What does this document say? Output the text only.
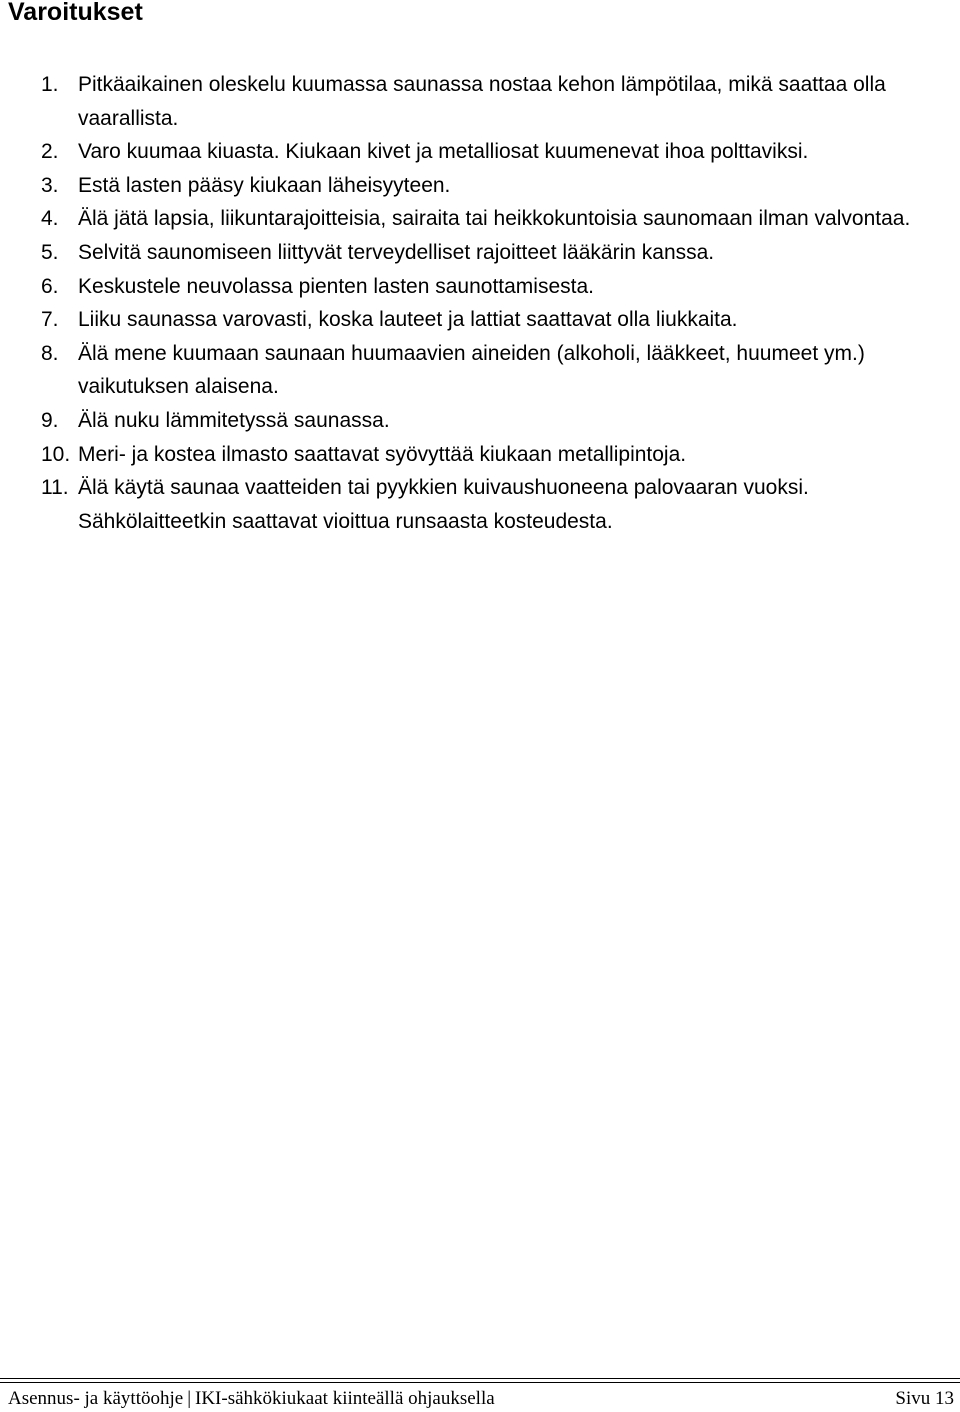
Varoitukset
1. Pitkäaikainen oleskelu kuumassa saunassa nostaa kehon lämpötilaa, mikä saattaa olla vaarallista.
2. Varo kuumaa kiuasta. Kiukaan kivet ja metalliosat kuumenevat ihoa polttaviksi.
3. Estä lasten pääsy kiukaan läheisyyteen.
4. Älä jätä lapsia, liikuntarajoitteisia, sairaita tai heikkokuntoisia saunomaan ilman valvontaa.
5. Selvitä saunomiseen liittyvät terveydelliset rajoitteet lääkärin kanssa.
6. Keskustele neuvolassa pienten lasten saunottamisesta.
7. Liiku saunassa varovasti, koska lauteet ja lattiat saattavat olla liukkaita.
8. Älä mene kuumaan saunaan huumaavien aineiden (alkoholi, lääkkeet, huumeet ym.) vaikutuksen alaisena.
9. Älä nuku lämmitetyssä saunassa.
10. Meri- ja kostea ilmasto saattavat syövyttää kiukaan metallipintoja.
11. Älä käytä saunaa vaatteiden tai pyykkien kuivaushuoneena palovaaran vuoksi. Sähkölaitteetkin saattavat vioittua runsaasta kosteudesta.
Asennus- ja käyttöohje | IKI-sähkökiukaat kiinteällä ohjauksella	Sivu 13
